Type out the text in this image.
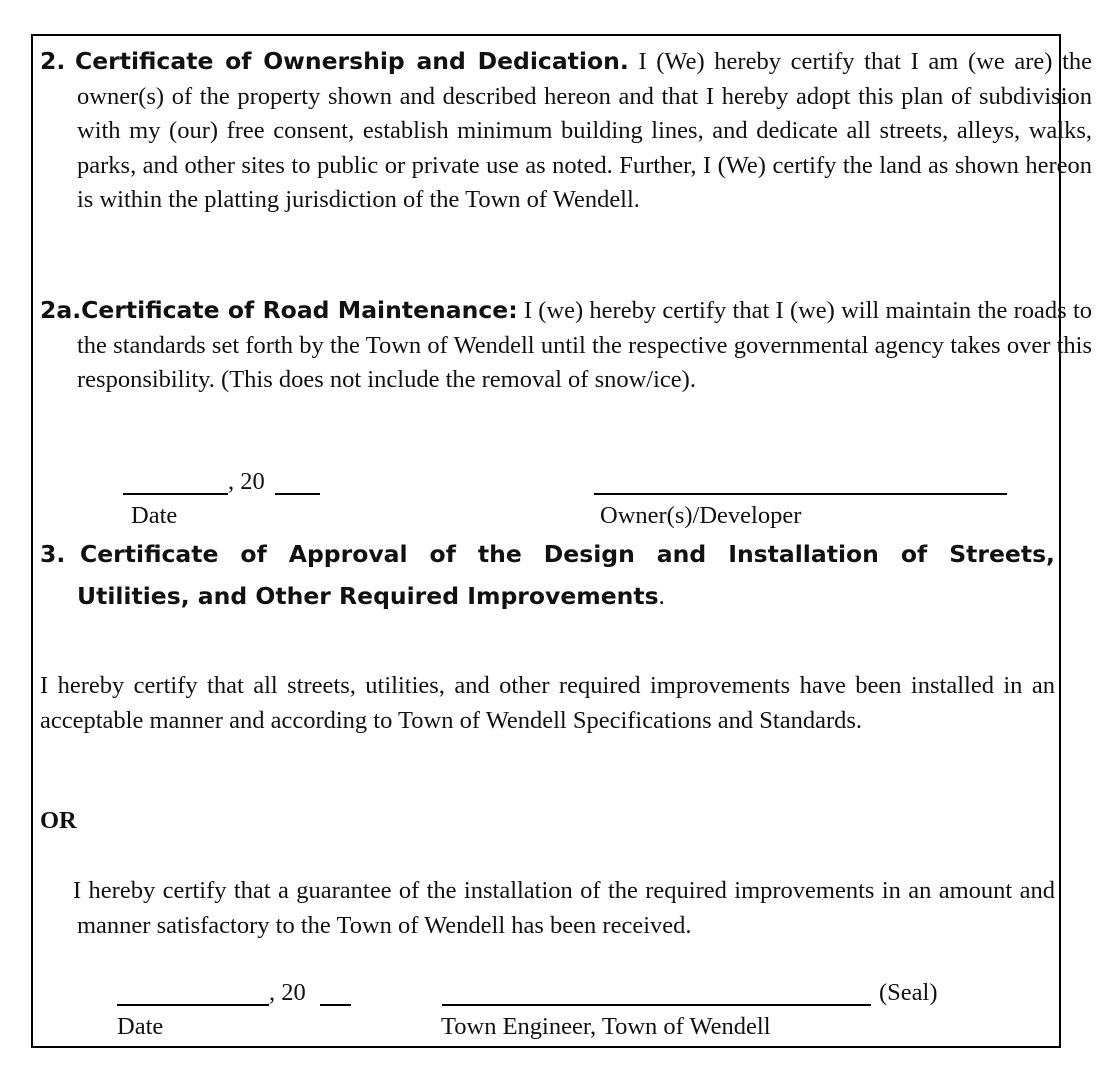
2. Certificate of Ownership and Dedication. I (We) hereby certify that I am (we are) the owner(s) of the property shown and described hereon and that I hereby adopt this plan of subdivision with my (our) free consent, establish minimum building lines, and dedicate all streets, alleys, walks, parks, and other sites to public or private use as noted. Further, I (We) certify the land as shown hereon is within the platting jurisdiction of the Town of Wendell.

2a.Certificate of Road Maintenance: I (we) hereby certify that I (we) will maintain the roads to the standards set forth by the Town of Wendell until the respective governmental agency takes over this responsibility. (This does not include the removal of snow/ice).

, 20
Date	Owner(s)/Developer
3. Certificate of Approval of the Design and Installation of Streets,
Utilities, and Other Required Improvements.

I hereby certify that all streets, utilities, and other required improvements have been installed in an acceptable manner and according to Town of Wendell Specifications and Standards.

OR

I hereby certify that a guarantee of the installation of the required improvements in an amount and manner satisfactory to the Town of Wendell has been received.

, 20
Date
(Seal)
Town Engineer, Town of Wendell
